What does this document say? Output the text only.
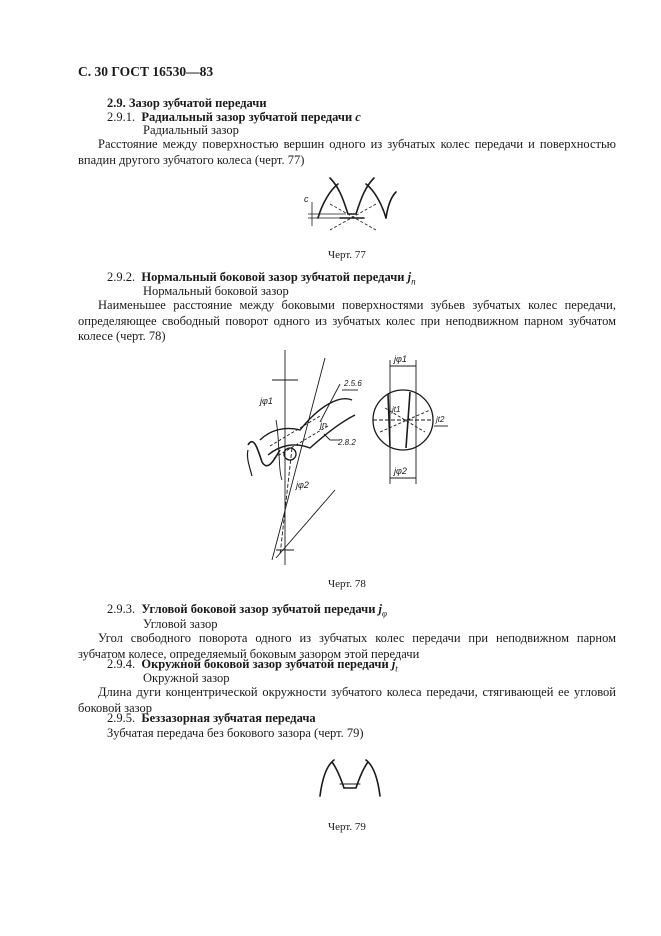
С. 30 ГОСТ 16530—83
2.9. Зазор зубчатой передачи
2.9.1. Радиальный зазор зубчатой передачи c
Радиальный зазор
Расстояние между поверхностью вершин одного из зубчатых колес передачи и поверхностью впадин другого зубчатого колеса (черт. 77)
c
Черт. 77
2.9.2. Нормальный боковой зазор зубчатой передачи $j_n$
Нормальный боковой зазор
Наименьшее расстояние между боковыми поверхностями зубьев зубчатых колес передачи, определяющее свободный поворот одного из зубчатых колес при неподвижном парном зубчатом колесе (черт. 78)
jφ1
jn
2.5.6
2.8.2
jφ2
jφ1
jt1
jt2
jφ2
Черт. 78
2.9.3. Угловой боковой зазор зубчатой передачи $j_\varphi$
Угловой зазор
Угол свободного поворота одного из зубчатых колес передачи при неподвижном парном зубчатом колесе, определяемый боковым зазором этой передачи
2.9.4. Окружной боковой зазор зубчатой передачи $j_t$
Окружной зазор
Длина дуги концентрической окружности зубчатого колеса передачи, стягивающей ее угловой боковой зазор
2.9.5. Беззазорная зубчатая передача
Зубчатая передача без бокового зазора (черт. 79)
Черт. 79
